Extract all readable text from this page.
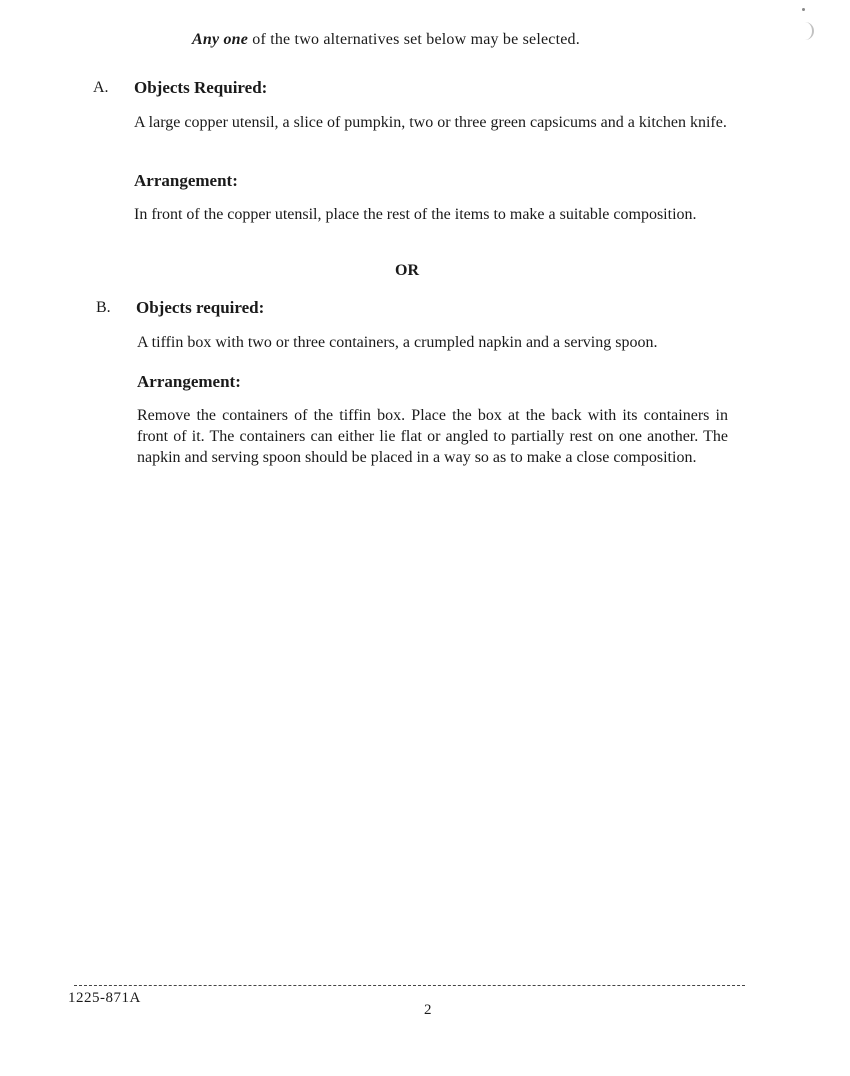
Any one of the two alternatives set below may be selected.
A. Objects Required:
A large copper utensil, a slice of pumpkin, two or three green capsicums and a kitchen knife.
Arrangement:
In front of the copper utensil, place the rest of the items to make a suitable composition.
OR
B. Objects required:
A tiffin box with two or three containers, a crumpled napkin and a serving spoon.
Arrangement:
Remove the containers of the tiffin box. Place the box at the back with its containers in front of it. The containers can either lie flat or angled to partially rest on one another. The napkin and serving spoon should be placed in a way so as to make a close composition.
1225-871A
2
